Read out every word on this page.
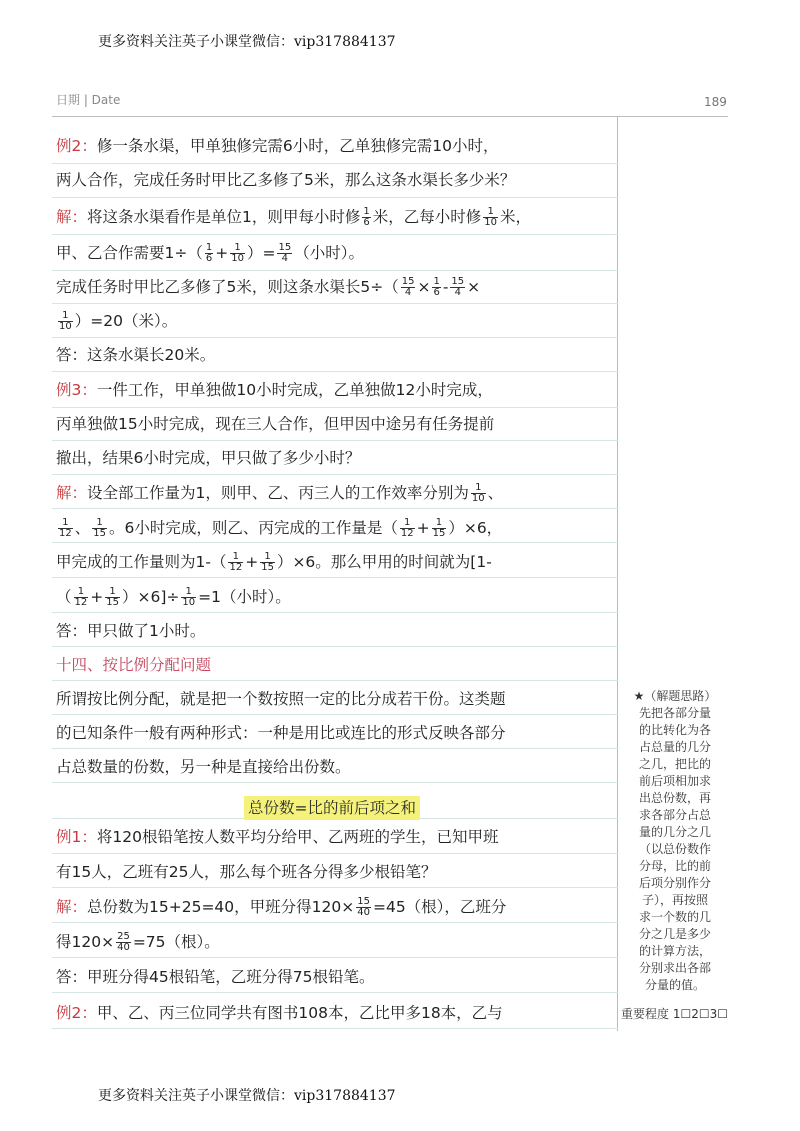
更多资料关注英子小课堂微信：vip317884137
日期 | Date	189
例2：修一条水渠，甲单独修完需6小时，乙单独修完需10小时，
两人合作，完成任务时甲比乙多修了5米，那么这条水渠长多少米？
解：将这条水渠看作是单位1，则甲每小时修 $\frac{1}{6}$ 米，乙每小时修 $\frac{1}{10}$ 米，
甲、乙合作需要$1\div( \frac{1}{6} + \frac{1}{10}$ ）= $\frac{15}{4}$ （小时）。
完成任务时甲比乙多修了5米，则这条水渠长$5\div( \frac{15}{4} \times \frac{1}{6} - \frac{15}{4}$ ×
$\frac{1}{10} )=20$（米）。
答：这条水渠长20米。
例3：一件工作，甲单独做10小时完成，乙单独做12小时完成，
丙单独做15小时完成，现在三人合作，但甲因中途另有任务提前
撤出，结果6小时完成，甲只做了多少小时？
解：设全部工作量为1，则甲、乙、丙三人的工作效率分别为 $\frac{1}{10}$ 、
$\frac{1}{12}$ 、 $\frac{1}{15}$ 。6小时完成，则乙、丙完成的工作量是（ $\frac{1}{12} + \frac{1}{15} )\times 6$，
甲完成的工作量则为$1-( \frac{1}{12} + \frac{1}{15} )\times 6$。那么甲用的时间就为[1-
（ $\frac{1}{12} + \frac{1}{15} )\times 6]\div \frac{1}{10} =1$（小时）。
答：甲只做了1小时。
十四、按比例分配问题
所谓按比例分配，就是把一个数按照一定的比分成若干份。这类题
的已知条件一般有两种形式：一种是用比或连比的形式反映各部分
占总数量的份数，另一种是直接给出份数。
总份数=比的前后项之和
例1：将120根铅笔按人数平均分给甲、乙两班的学生，已知甲班
有15人，乙班有25人，那么每个班各分得多少根铅笔？
解：总份数为15+25=40，甲班分得$120\times \frac{15}{40} =45$（根），乙班分
得$120\times \frac{25}{40} =75$（根）。
答：甲班分得45根铅笔，乙班分得75根铅笔。
例2：甲、乙、丙三位同学共有图书108本，乙比甲多18本，乙与
★（解题思路）
先把各部分量
的比转化为各
占总量的几分
之几，把比的
前后项相加求
出总份数，再
求各部分占总
量的几分之几
（以总份数作
分母，比的前
后项分别作分
子），再按照
求一个数的几
分之几是多少
的计算方法，
分别求出各部
分量的值。
重要程度 1☐2☐3☐
更多资料关注英子小课堂微信：vip317884137
